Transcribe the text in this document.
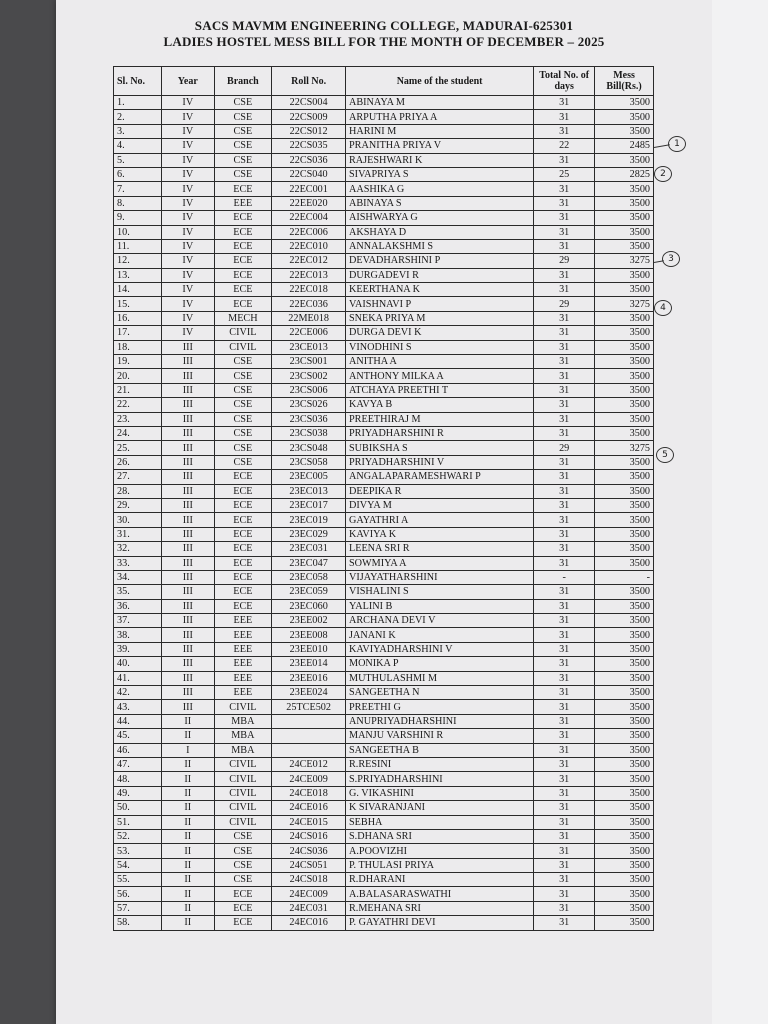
SACS MAVMM ENGINEERING COLLEGE, MADURAI-625301
LADIES HOSTEL MESS BILL FOR THE MONTH OF DECEMBER – 2025
Sl. No.	Year	Branch	Roll No.	Name of the student	Total No. of days	Mess Bill(Rs.)
1.	IV	CSE	22CS004	ABINAYA M	31	3500
2.	IV	CSE	22CS009	ARPUTHA PRIYA A	31	3500
3.	IV	CSE	22CS012	HARINI M	31	3500
4.	IV	CSE	22CS035	PRANITHA PRIYA V	22	2485
5.	IV	CSE	22CS036	RAJESHWARI K	31	3500
6.	IV	CSE	22CS040	SIVAPRIYA S	25	2825
7.	IV	ECE	22EC001	AASHIKA G	31	3500
8.	IV	EEE	22EE020	ABINAYA S	31	3500
9.	IV	ECE	22EC004	AISHWARYA G	31	3500
10.	IV	ECE	22EC006	AKSHAYA D	31	3500
11.	IV	ECE	22EC010	ANNALAKSHMI S	31	3500
12.	IV	ECE	22EC012	DEVADHARSHINI P	29	3275
13.	IV	ECE	22EC013	DURGADEVI R	31	3500
14.	IV	ECE	22EC018	KEERTHANA K	31	3500
15.	IV	ECE	22EC036	VAISHNAVI P	29	3275
16.	IV	MECH	22ME018	SNEKA PRIYA M	31	3500
17.	IV	CIVIL	22CE006	DURGA DEVI K	31	3500
18.	III	CIVIL	23CE013	VINODHINI S	31	3500
19.	III	CSE	23CS001	ANITHA A	31	3500
20.	III	CSE	23CS002	ANTHONY MILKA A	31	3500
21.	III	CSE	23CS006	ATCHAYA PREETHI T	31	3500
22.	III	CSE	23CS026	KAVYA B	31	3500
23.	III	CSE	23CS036	PREETHIRAJ M	31	3500
24.	III	CSE	23CS038	PRIYADHARSHINI R	31	3500
25.	III	CSE	23CS048	SUBIKSHA S	29	3275
26.	III	CSE	23CS058	PRIYADHARSHINI V	31	3500
27.	III	ECE	23EC005	ANGALAPARAMESHWARI P	31	3500
28.	III	ECE	23EC013	DEEPIKA R	31	3500
29.	III	ECE	23EC017	DIVYA M	31	3500
30.	III	ECE	23EC019	GAYATHRI A	31	3500
31.	III	ECE	23EC029	KAVIYA K	31	3500
32.	III	ECE	23EC031	LEENA SRI R	31	3500
33.	III	ECE	23EC047	SOWMIYA A	31	3500
34.	III	ECE	23EC058	VIJAYATHARSHINI	-	-
35.	III	ECE	23EC059	VISHALINI S	31	3500
36.	III	ECE	23EC060	YALINI B	31	3500
37.	III	EEE	23EE002	ARCHANA DEVI V	31	3500
38.	III	EEE	23EE008	JANANI K	31	3500
39.	III	EEE	23EE010	KAVIYADHARSHINI V	31	3500
40.	III	EEE	23EE014	MONIKA P	31	3500
41.	III	EEE	23EE016	MUTHULASHMI M	31	3500
42.	III	EEE	23EE024	SANGEETHA N	31	3500
43.	III	CIVIL	25TCE502	PREETHI G	31	3500
44.	II	MBA		ANUPRIYADHARSHINI	31	3500
45.	II	MBA		MANJU VARSHINI R	31	3500
46.	I	MBA		SANGEETHA B	31	3500
47.	II	CIVIL	24CE012	R.RESINI	31	3500
48.	II	CIVIL	24CE009	S.PRIYADHARSHINI	31	3500
49.	II	CIVIL	24CE018	G. VIKASHINI	31	3500
50.	II	CIVIL	24CE016	K SIVARANJANI	31	3500
51.	II	CIVIL	24CE015	SEBHA	31	3500
52.	II	CSE	24CS016	S.DHANA SRI	31	3500
53.	II	CSE	24CS036	A.POOVIZHI	31	3500
54.	II	CSE	24CS051	P. THULASI PRIYA	31	3500
55.	II	CSE	24CS018	R.DHARANI	31	3500
56.	II	ECE	24EC009	A.BALASARASWATHI	31	3500
57.	II	ECE	24EC031	R.MEHANA SRI	31	3500
58.	II	ECE	24EC016	P. GAYATHRI DEVI	31	3500
1
2
3
4
5
